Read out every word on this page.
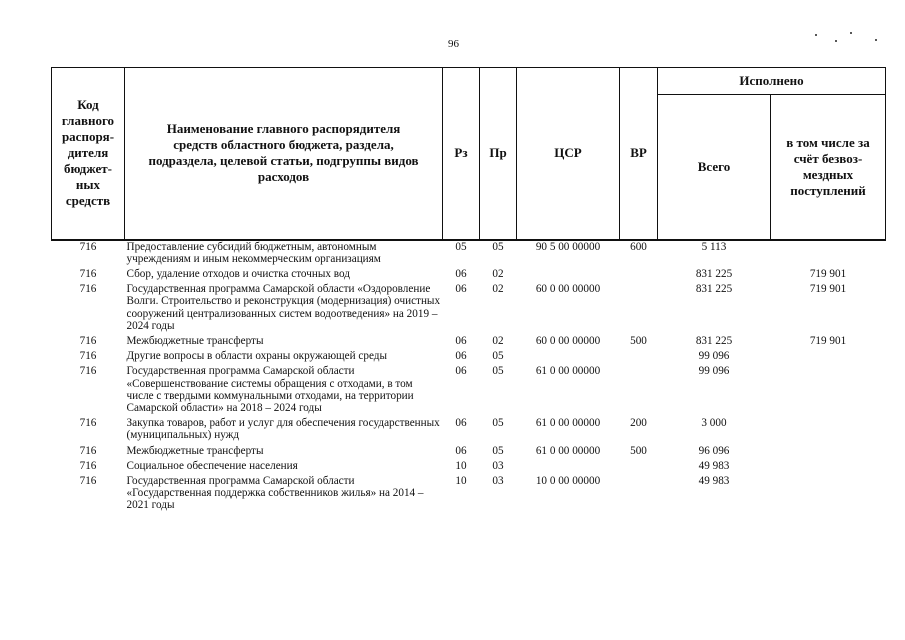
96
Код главного распоря-дителя бюджет-ных средств	Наименование главного распорядителя средств областного бюджета, раздела, подраздела, целевой статьи, подгруппы видов расходов	Рз	Пр	ЦСР	ВР	Исполнено	
						Всего	в том числе за счёт безвоз-мездных поступлений
716	Предоставление субсидий бюджетным, автономным учреждениям и иным некоммерческим организациям	05	05	90 5 00 00000	600	5 113	
716	Сбор, удаление отходов и очистка сточных вод	06	02			831 225	719 901
716	Государственная программа Самарской области «Оздоровление Волги. Строительство и реконструкция (модернизация) очистных сооружений централизованных систем водоотведения» на 2019 – 2024 годы	06	02	60 0 00 00000		831 225	719 901
716	Межбюджетные трансферты	06	02	60 0 00 00000	500	831 225	719 901
716	Другие вопросы в области охраны окружающей среды	06	05			99 096	
716	Государственная программа Самарской области «Совершенствование системы обращения с отходами, в том числе с твердыми коммунальными отходами, на территории Самарской области» на 2018 – 2024 годы	06	05	61 0 00 00000		99 096	
716	Закупка товаров, работ и услуг для обеспечения государственных (муниципальных) нужд	06	05	61 0 00 00000	200	3 000	
716	Межбюджетные трансферты	06	05	61 0 00 00000	500	96 096	
716	Социальное обеспечение населения	10	03			49 983	
716	Государственная программа Самарской области «Государственная поддержка собственников жилья» на 2014 – 2021 годы	10	03	10 0 00 00000		49 983	
